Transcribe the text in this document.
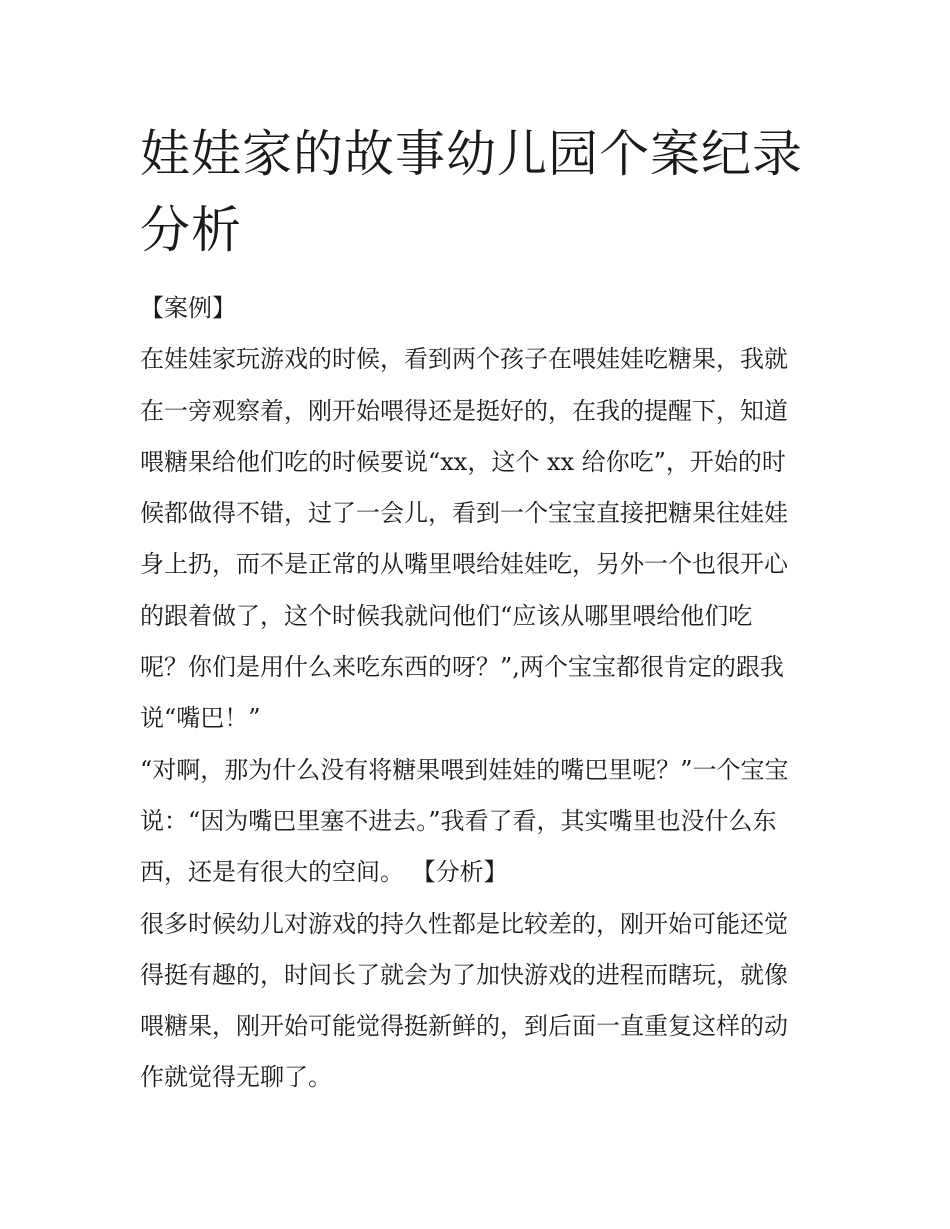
娃娃家的故事幼儿园个案纪录
分析
【案例】
在娃娃家玩游戏的时候，看到两个孩子在喂娃娃吃糖果，我就
在一旁观察着，刚开始喂得还是挺好的，在我的提醒下，知道
喂糖果给他们吃的时候要说“xx，这个 xx 给你吃”，开始的时
候都做得不错，过了一会儿，看到一个宝宝直接把糖果往娃娃
身上扔，而不是正常的从嘴里喂给娃娃吃，另外一个也很开心
的跟着做了，这个时候我就问他们“应该从哪里喂给他们吃
呢？你们是用什么来吃东西的呀？”,两个宝宝都很肯定的跟我
说“嘴巴！”
“对啊，那为什么没有将糖果喂到娃娃的嘴巴里呢？”一个宝宝
说：“因为嘴巴里塞不进去。”我看了看，其实嘴里也没什么东
西，还是有很大的空间。 【分析】
很多时候幼儿对游戏的持久性都是比较差的，刚开始可能还觉
得挺有趣的，时间长了就会为了加快游戏的进程而瞎玩，就像
喂糖果，刚开始可能觉得挺新鲜的，到后面一直重复这样的动
作就觉得无聊了。
